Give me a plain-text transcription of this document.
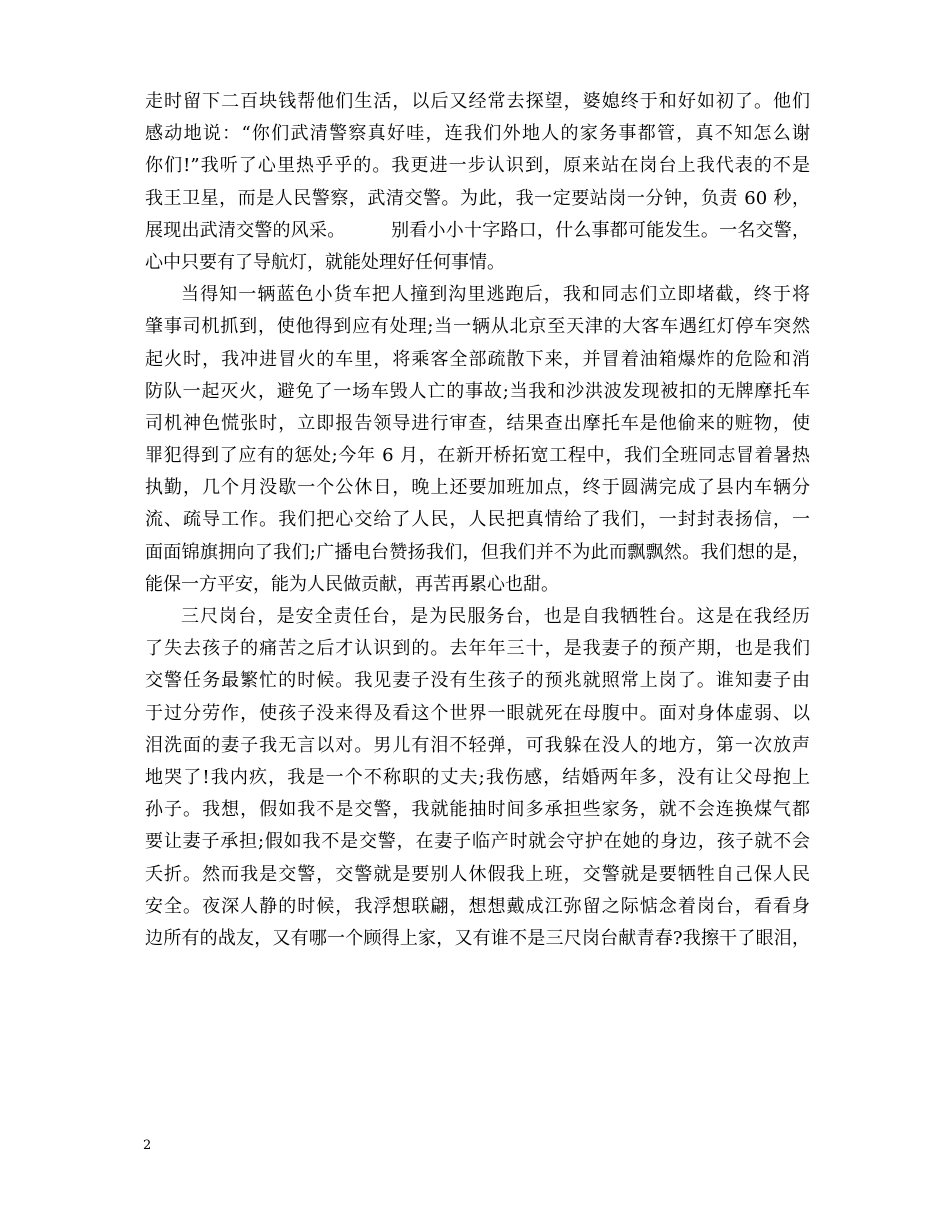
走时留下二百块钱帮他们生活，以后又经常去探望，婆媳终于和好如初了。他们
感动地说：“你们武清警察真好哇，连我们外地人的家务事都管，真不知怎么谢
你们!”我听了心里热乎乎的。我更进一步认识到，原来站在岗台上我代表的不是
我王卫星，而是人民警察，武清交警。为此，我一定要站岗一分钟，负责 60 秒，
展现出武清交警的风采。　　　别看小小十字路口，什么事都可能发生。一名交警，
心中只要有了导航灯，就能处理好任何事情。
当得知一辆蓝色小货车把人撞到沟里逃跑后，我和同志们立即堵截，终于将
肇事司机抓到，使他得到应有处理;当一辆从北京至天津的大客车遇红灯停车突然
起火时，我冲进冒火的车里，将乘客全部疏散下来，并冒着油箱爆炸的危险和消
防队一起灭火，避免了一场车毁人亡的事故;当我和沙洪波发现被扣的无牌摩托车
司机神色慌张时，立即报告领导进行审查，结果查出摩托车是他偷来的赃物，使
罪犯得到了应有的惩处;今年 6 月，在新开桥拓宽工程中，我们全班同志冒着暑热
执勤，几个月没歇一个公休日，晚上还要加班加点，终于圆满完成了县内车辆分
流、疏导工作。我们把心交给了人民，人民把真情给了我们，一封封表扬信，一
面面锦旗拥向了我们;广播电台赞扬我们，但我们并不为此而飘飘然。我们想的是，
能保一方平安，能为人民做贡献，再苦再累心也甜。
三尺岗台，是安全责任台，是为民服务台，也是自我牺牲台。这是在我经历
了失去孩子的痛苦之后才认识到的。去年年三十，是我妻子的预产期，也是我们
交警任务最繁忙的时候。我见妻子没有生孩子的预兆就照常上岗了。谁知妻子由
于过分劳作，使孩子没来得及看这个世界一眼就死在母腹中。面对身体虚弱、以
泪洗面的妻子我无言以对。男儿有泪不轻弹，可我躲在没人的地方，第一次放声
地哭了!我内疚，我是一个不称职的丈夫;我伤感，结婚两年多，没有让父母抱上
孙子。我想，假如我不是交警，我就能抽时间多承担些家务，就不会连换煤气都
要让妻子承担;假如我不是交警，在妻子临产时就会守护在她的身边，孩子就不会
夭折。然而我是交警，交警就是要别人休假我上班，交警就是要牺牲自己保人民
安全。夜深人静的时候，我浮想联翩，想想戴成江弥留之际惦念着岗台，看看身
边所有的战友，又有哪一个顾得上家，又有谁不是三尺岗台献青春?我擦干了眼泪，
2
